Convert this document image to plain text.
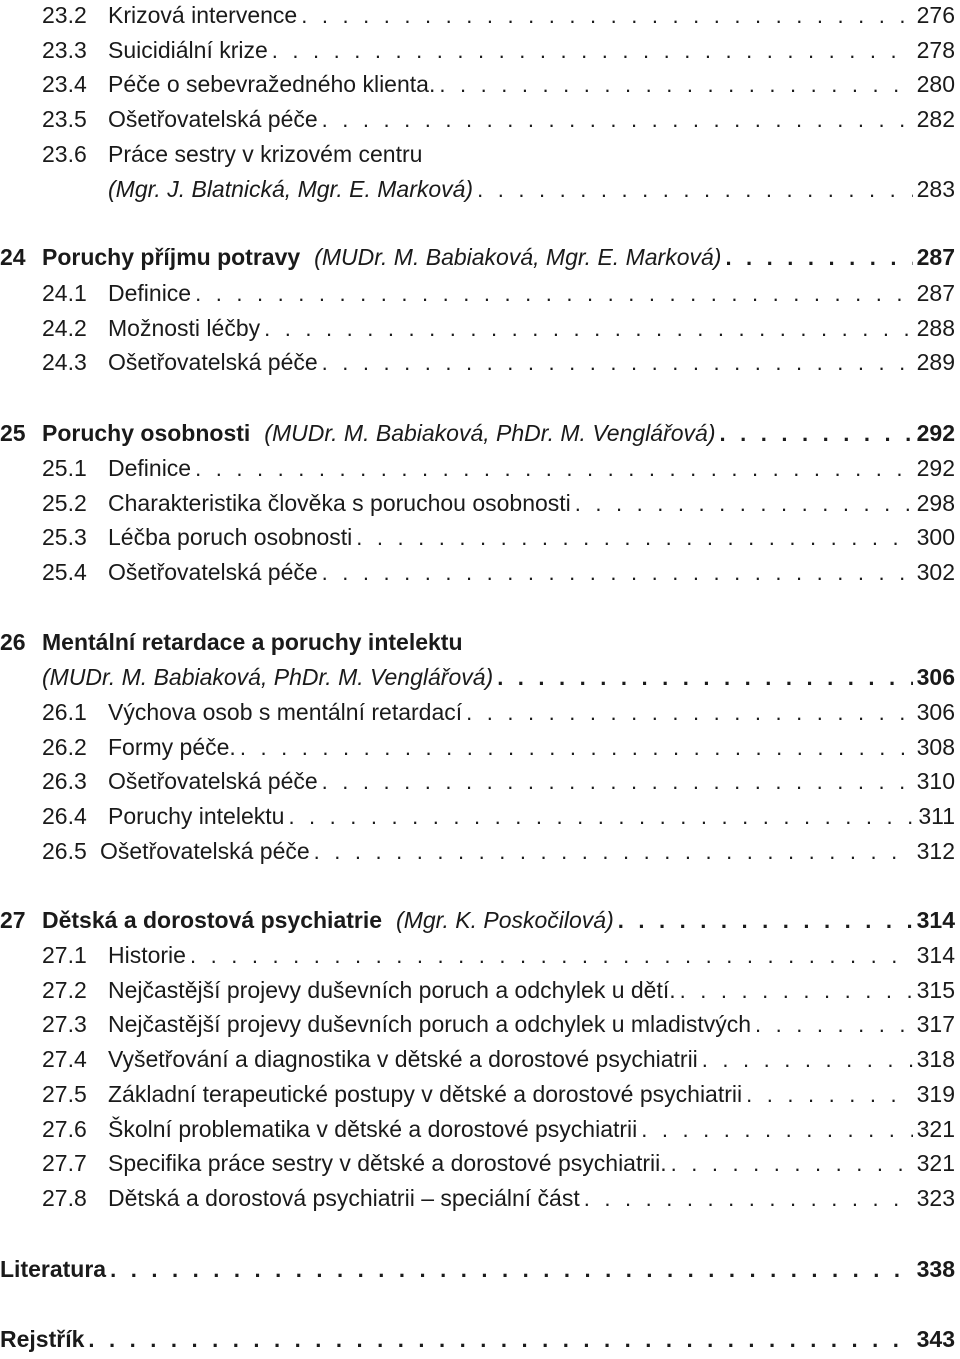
23.2 Krizová intervence . . .	276
23.3 Suicidiální krize . . .	278
23.4 Péče o sebevražedného klienta. . . .	280
23.5 Ošetřovatelská péče . . .	282
23.6 Práce sestry v krizovém centru
(Mgr. J. Blatnická, Mgr. E. Marková) . . .	283
24 Poruchy příjmu potravy (MUDr. M. Babiaková, Mgr. E. Marková) . . .	287
24.1 Definice . . .	287
24.2 Možnosti léčby . . .	288
24.3 Ošetřovatelská péče . . .	289
25 Poruchy osobnosti (MUDr. M. Babiaková, PhDr. M. Venglářová) . . .	292
25.1 Definice . . .	292
25.2 Charakteristika člověka s poruchou osobnosti . . .	298
25.3 Léčba poruch osobnosti . . .	300
25.4 Ošetřovatelská péče . . .	302
26 Mentální retardace a poruchy intelektu
(MUDr. M. Babiaková, PhDr. M. Venglářová) . . .	306
26.1 Výchova osob s mentální retardací . . .	306
26.2 Formy péče. . . .	308
26.3 Ošetřovatelská péče . . .	310
26.4 Poruchy intelektu . . .	311
26.5 Ošetřovatelská péče . . .	312
27 Dětská a dorostová psychiatrie (Mgr. K. Poskočilová) . . .	314
27.1 Historie . . .	314
27.2 Nejčastější projevy duševních poruch a odchylek u dětí. . . .	315
27.3 Nejčastější projevy duševních poruch a odchylek u mladistvých . . .	317
27.4 Vyšetřování a diagnostika v dětské a dorostové psychiatrii . . .	318
27.5 Základní terapeutické postupy v dětské a dorostové psychiatrii . . .	319
27.6 Školní problematika v dětské a dorostové psychiatrii . . .	321
27.7 Specifika práce sestry v dětské a dorostové psychiatrii. . . .	321
27.8 Dětská a dorostová psychiatrii – speciální část . . .	323
Literatura . . .	338
Rejstřík . . .	343
